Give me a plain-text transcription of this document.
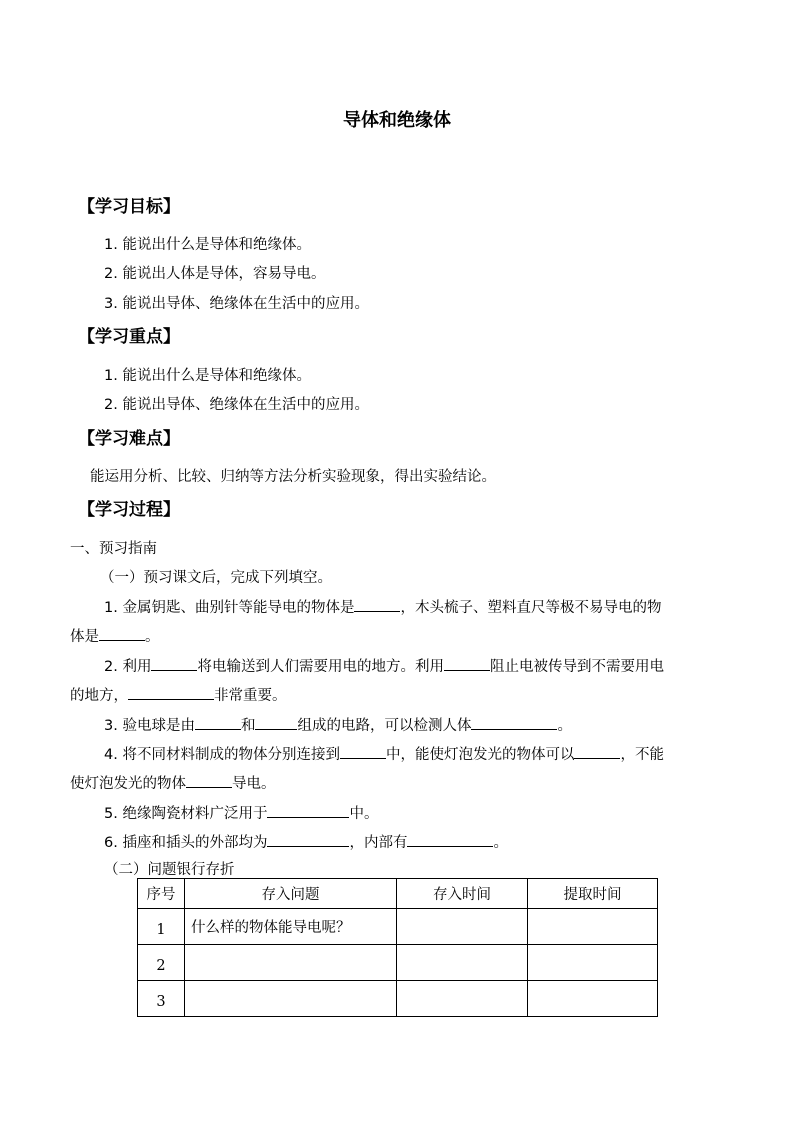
导体和绝缘体
【学习目标】
1. 能说出什么是导体和绝缘体。
2. 能说出人体是导体，容易导电。
3. 能说出导体、绝缘体在生活中的应用。
【学习重点】
1. 能说出什么是导体和绝缘体。
2. 能说出导体、绝缘体在生活中的应用。
【学习难点】
能运用分析、比较、归纳等方法分析实验现象，得出实验结论。
【学习过程】
一、预习指南
（一）预习课文后，完成下列填空。
1. 金属钥匙、曲别针等能导电的物体是	，木头梳子、塑料直尺等极不易导电的物
体是	。
2. 利用	将电输送到人们需要用电的地方。利用	阻止电被传导到不需要用电
的地方，	非常重要。
3. 验电球是由	和	组成的电路，可以检测人体	。
4. 将不同材料制成的物体分别连接到	中，能使灯泡发光的物体可以	，不能
使灯泡发光的物体	导电。
5. 绝缘陶瓷材料广泛用于	中。
6. 插座和插头的外部均为	，内部有	。
（二）问题银行存折
序号	存入问题	存入时间	提取时间
1	什么样的物体能导电呢？		
2			
3			
